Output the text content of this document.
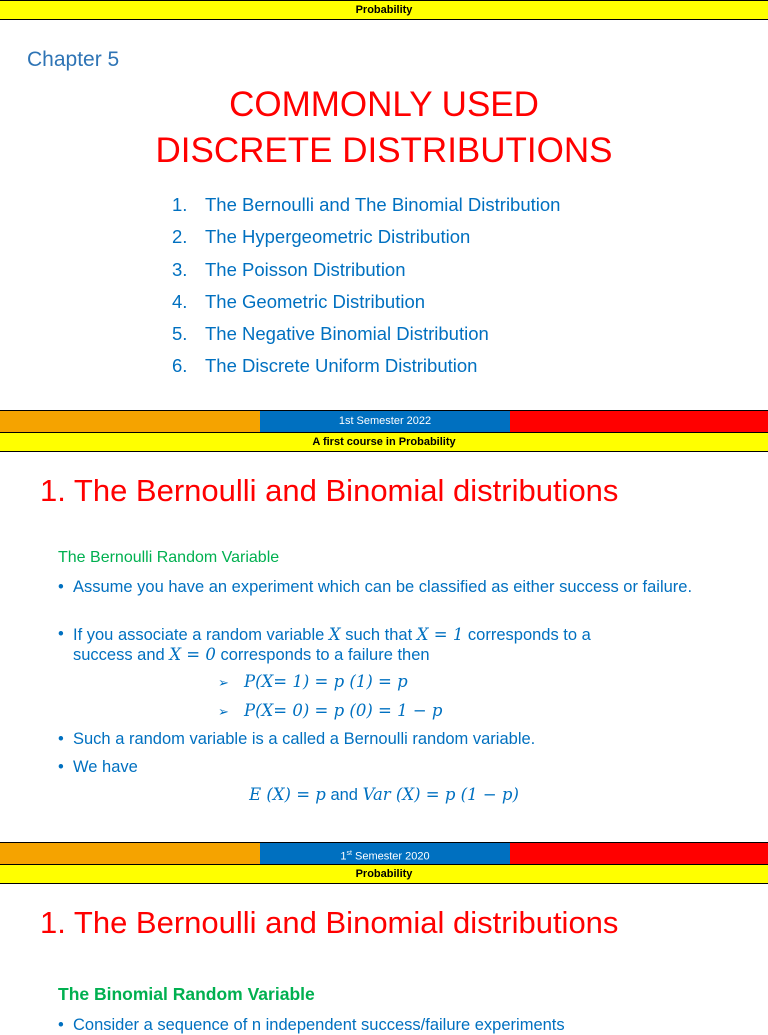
Probability
Chapter 5
COMMONLY USED
DISCRETE DISTRIBUTIONS
1. The Bernoulli and The Binomial Distribution
2. The Hypergeometric Distribution
3. The Poisson Distribution
4. The Geometric Distribution
5. The Negative Binomial Distribution
6. The Discrete Uniform Distribution
1st Semester 2022
A first course in Probability
1. The Bernoulli and Binomial distributions
The Bernoulli Random Variable
• Assume you have an experiment which can be classified as either success or failure.
• If you associate a random variable X such that X = 1 corresponds to a
success and X = 0 corresponds to a failure then
➢ P(X= 1) = p (1) = p
➢ P(X= 0) = p (0) = 1 − p
• Such a random variable is a called a Bernoulli random variable.
• We have
E (X) = p and Var (X) = p (1 − p)
1st Semester 2020
Probability
1. The Bernoulli and Binomial distributions
The Binomial Random Variable
• Consider a sequence of n independent success/failure experiments
